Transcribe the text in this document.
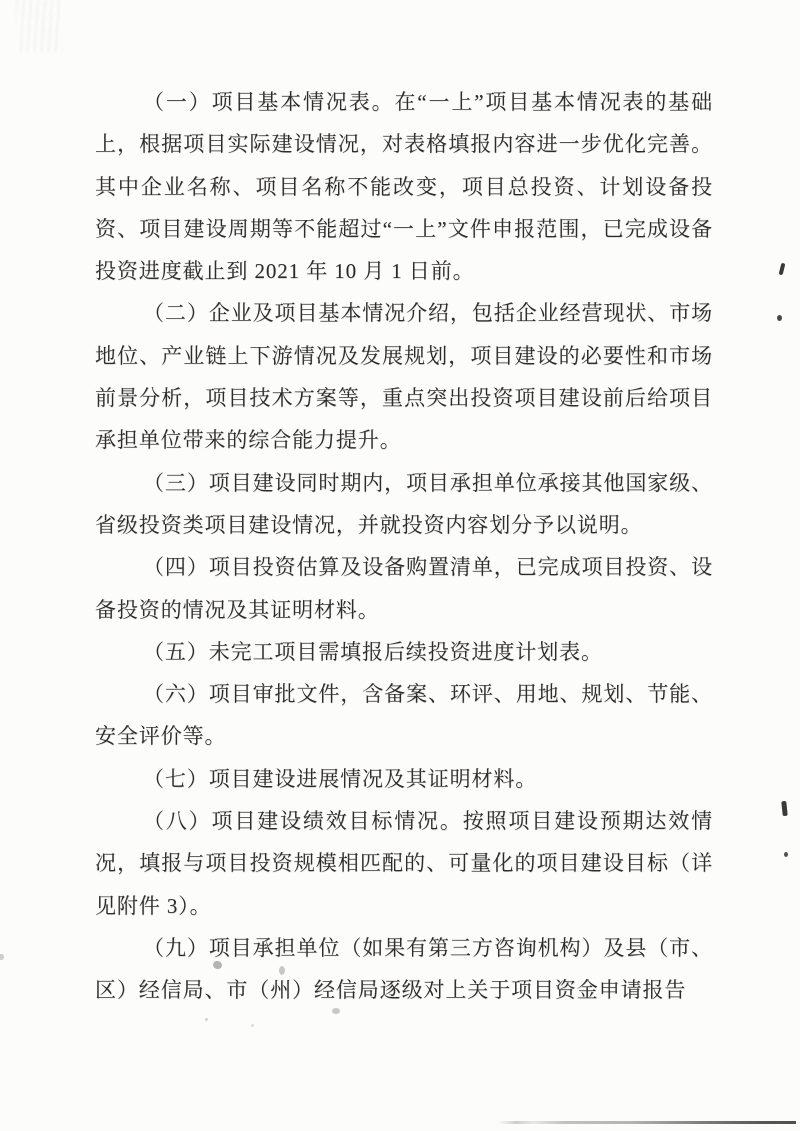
（一）项目基本情况表。在“一上”项目基本情况表的基础上，根据项目实际建设情况，对表格填报内容进一步优化完善。其中企业名称、项目名称不能改变，项目总投资、计划设备投资、项目建设周期等不能超过“一上”文件申报范围，已完成设备投资进度截止到 2021 年 10 月 1 日前。

（二）企业及项目基本情况介绍，包括企业经营现状、市场地位、产业链上下游情况及发展规划，项目建设的必要性和市场前景分析，项目技术方案等，重点突出投资项目建设前后给项目承担单位带来的综合能力提升。

（三）项目建设同时期内，项目承担单位承接其他国家级、省级投资类项目建设情况，并就投资内容划分予以说明。

（四）项目投资估算及设备购置清单，已完成项目投资、设备投资的情况及其证明材料。

（五）未完工项目需填报后续投资进度计划表。

（六）项目审批文件，含备案、环评、用地、规划、节能、安全评价等。

（七）项目建设进展情况及其证明材料。

（八）项目建设绩效目标情况。按照项目建设预期达效情况，填报与项目投资规模相匹配的、可量化的项目建设目标（详见附件 3）。

（九）项目承担单位（如果有第三方咨询机构）及县（市、区）经信局、市（州）经信局逐级对上关于项目资金申请报告
